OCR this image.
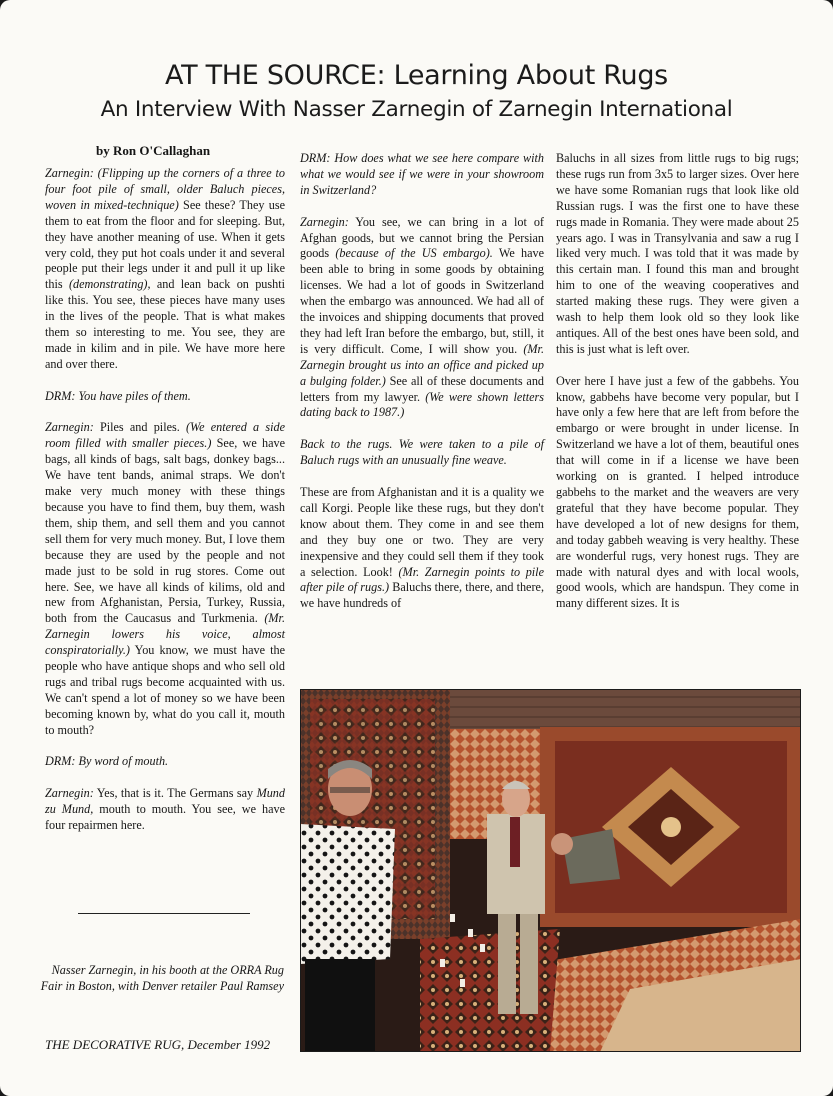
AT THE SOURCE: Learning About Rugs
An Interview With Nasser Zarnegin of Zarnegin International
by Ron O'Callaghan

Zarnegin: (Flipping up the corners of a three to four foot pile of small, older Baluch pieces, woven in mixed-technique) See these? They use them to eat from the floor and for sleeping. But, they have another meaning of use. When it gets very cold, they put hot coals under it and several people put their legs under it and pull it up like this (demonstrating), and lean back on pushti like this. You see, these pieces have many uses in the lives of the people. That is what makes them so interesting to me. You see, they are made in kilim and in pile. We have more here and over there.

DRM: You have piles of them.

Zarnegin: Piles and piles. (We entered a side room filled with smaller pieces.) See, we have bags, all kinds of bags, salt bags, donkey bags... We have tent bands, animal straps. We don't make very much money with these things because you have to find them, buy them, wash them, ship them, and sell them and you cannot sell them for very much money. But, I love them because they are used by the people and not made just to be sold in rug stores. Come out here. See, we have all kinds of kilims, old and new from Afghanistan, Persia, Turkey, Russia, both from the Caucasus and Turkmenia. (Mr. Zarnegin lowers his voice, almost conspiratorially.) You know, we must have the people who have antique shops and who sell old rugs and tribal rugs become acquainted with us. We can't spend a lot of money so we have been becoming known by, what do you call it, mouth to mouth?

DRM: By word of mouth.

Zarnegin: Yes, that is it. The Germans say Mund zu Mund, mouth to mouth. You see, we have four repairmen here.

DRM: How does what we see here compare with what we would see if we were in your showroom in Switzerland?

Zarnegin: You see, we can bring in a lot of Afghan goods, but we cannot bring the Persian goods (because of the US embargo). We have been able to bring in some goods by obtaining licenses. We had a lot of goods in Switzerland when the embargo was announced. We had all of the invoices and shipping documents that proved they had left Iran before the embargo, but, still, it is very difficult. Come, I will show you. (Mr. Zarnegin brought us into an office and picked up a bulging folder.) See all of these documents and letters from my lawyer. (We were shown letters dating back to 1987.)

Back to the rugs. We were taken to a pile of Baluch rugs with an unusually fine weave.

These are from Afghanistan and it is a quality we call Korgi. People like these rugs, but they don't know about them. They come in and see them and they buy one or two. They are very inexpensive and they could sell them if they took a selection. Look! (Mr. Zarnegin points to pile after pile of rugs.) Baluchs there, there, and there, we have hundreds of

Baluchs in all sizes from little rugs to big rugs; these rugs run from 3x5 to larger sizes. Over here we have some Romanian rugs that look like old Russian rugs. I was the first one to have these rugs made in Romania. They were made about 25 years ago. I was in Transylvania and saw a rug I liked very much. I was told that it was made by this certain man. I found this man and brought him to one of the weaving cooperatives and started making these rugs. They were given a wash to help them look old so they look like antiques. All of the best ones have been sold, and this is just what is left over.

Over here I have just a few of the gabbehs. You know, gabbehs have become very popular, but I have only a few here that are left from before the embargo or were brought in under license. In Switzerland we have a lot of them, beautiful ones that will come in if a license we have been working on is granted. I helped introduce gabbehs to the market and the weavers are very grateful that they have become popular. They have developed a lot of new designs for them, and today gabbeh weaving is very healthy. These are wonderful rugs, very honest rugs. They are made with natural dyes and with local wools, good wools, which are handspun. They come in many different sizes. It is

Nasser Zarnegin, in his booth at the ORRA Rug Fair in Boston, with Denver retailer Paul Ramsey
THE DECORATIVE RUG, December 1992
